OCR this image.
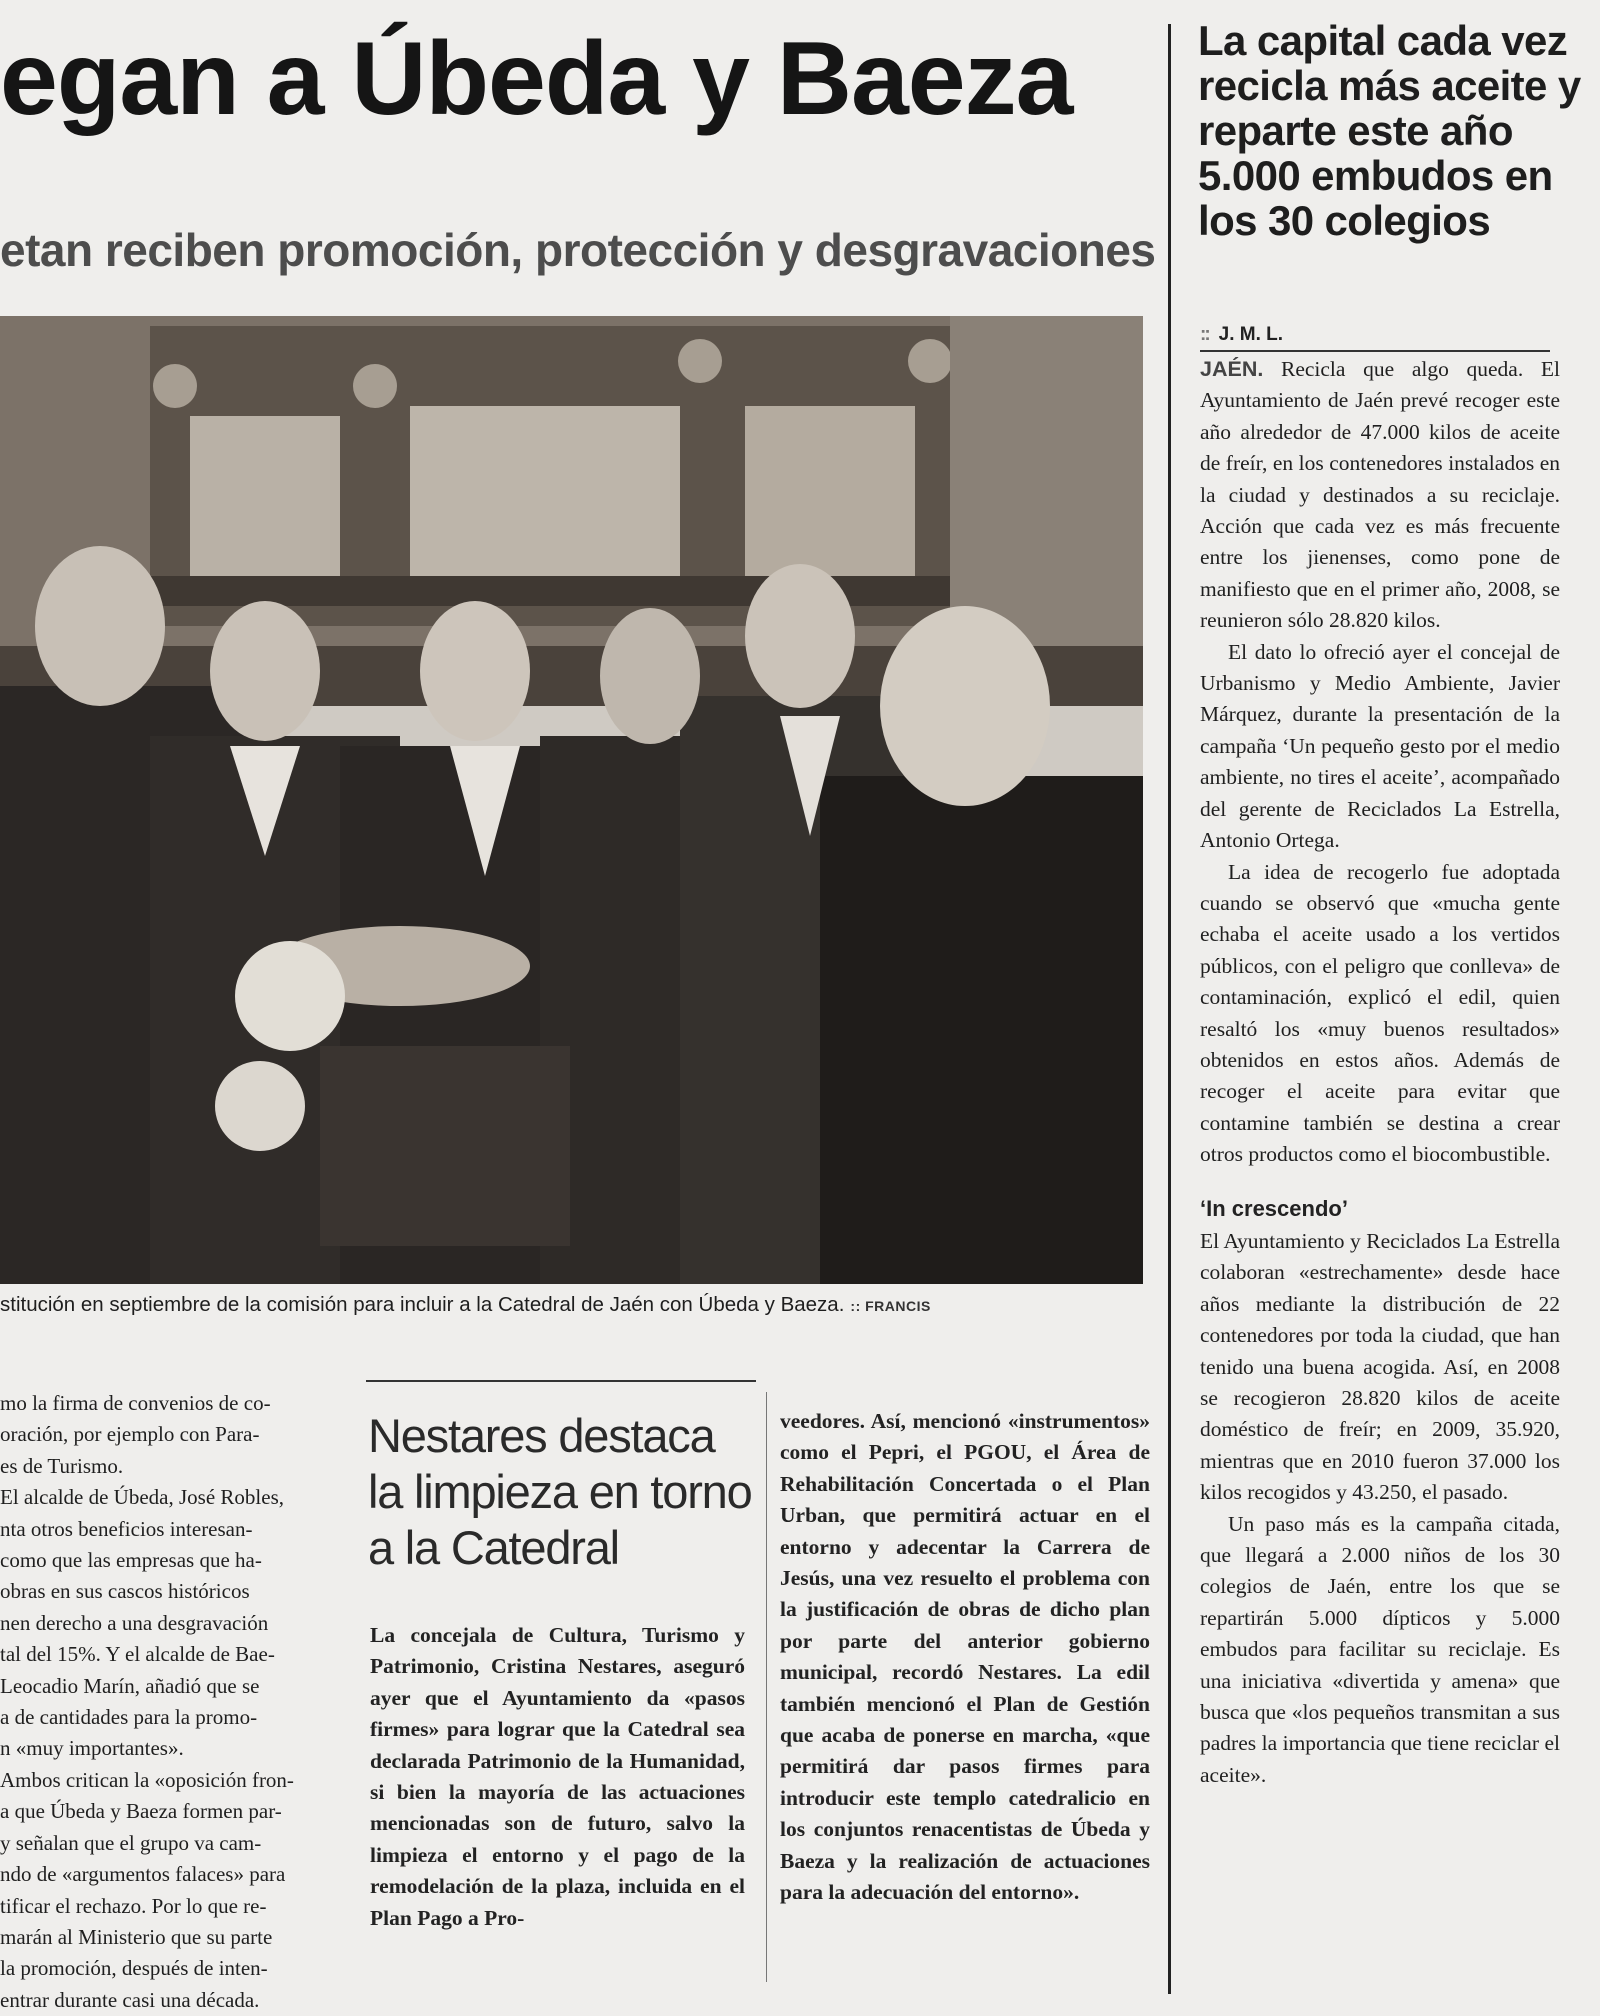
egan a Úbeda y Baeza
etan reciben promoción, protección y desgravaciones
stitución en septiembre de la comisión para incluir a la Catedral de Jaén con Úbeda y Baeza. :: FRANCIS

mo la firma de convenios de co-

oración, por ejemplo con Para-

es de Turismo.

El alcalde de Úbeda, José Robles,

nta otros beneficios interesan-

como que las empresas que ha-

obras en sus cascos históricos

nen derecho a una desgravación

tal del 15%. Y el alcalde de Bae-

Leocadio Marín, añadió que se

a de cantidades para la promo-

n «muy importantes».

Ambos critican la «oposición fron-

a que Úbeda y Baeza formen par-

y señalan que el grupo va cam-

ndo de «argumentos falaces» para

tificar el rechazo. Por lo que re-

marán al Ministerio que su parte

la promoción, después de inten-

entrar durante casi una década.

Nestares destaca la limpieza en torno a la Catedral

La concejala de Cultura, Turismo y Patrimonio, Cristina Nestares, aseguró ayer que el Ayuntamiento da «pasos firmes» para lograr que la Catedral sea declarada Patrimonio de la Humanidad, si bien la mayoría de las actuaciones mencionadas son de futuro, salvo la limpieza el entorno y el pago de la remodelación de la plaza, incluida en el Plan Pago a Pro-

veedores. Así, mencionó «instrumentos» como el Pepri, el PGOU, el Área de Rehabilitación Concertada o el Plan Urban, que permitirá actuar en el entorno y adecentar la Carrera de Jesús, una vez resuelto el problema con la justificación de obras de dicho plan por parte del anterior gobierno municipal, recordó Nestares. La edil también mencionó el Plan de Gestión que acaba de ponerse en marcha, «que permitirá dar pasos firmes para introducir este templo catedralicio en los conjuntos renacentistas de Úbeda y Baeza y la realización de actuaciones para la adecuación del entorno».

La capital cada vez recicla más aceite y reparte este año 5.000 embudos en los 30 colegios
:: J. M. L.

JAÉN. Recicla que algo queda. El Ayuntamiento de Jaén prevé recoger este año alrededor de 47.000 kilos de aceite de freír, en los contenedores instalados en la ciudad y destinados a su reciclaje. Acción que cada vez es más frecuente entre los jienenses, como pone de manifiesto que en el primer año, 2008, se reunieron sólo 28.820 kilos.

El dato lo ofreció ayer el concejal de Urbanismo y Medio Ambiente, Javier Márquez, durante la presentación de la campaña ‘Un pequeño gesto por el medio ambiente, no tires el aceite’, acompañado del gerente de Reciclados La Estrella, Antonio Ortega.

La idea de recogerlo fue adoptada cuando se observó que «mucha gente echaba el aceite usado a los vertidos públicos, con el peligro que conlleva» de contaminación, explicó el edil, quien resaltó los «muy buenos resultados» obtenidos en estos años. Además de recoger el aceite para evitar que contamine también se destina a crear otros productos como el biocombustible.

‘In crescendo’

El Ayuntamiento y Reciclados La Estrella colaboran «estrechamente» desde hace años mediante la distribución de 22 contenedores por toda la ciudad, que han tenido una buena acogida. Así, en 2008 se recogieron 28.820 kilos de aceite doméstico de freír; en 2009, 35.920, mientras que en 2010 fueron 37.000 los kilos recogidos y 43.250, el pasado.

Un paso más es la campaña citada, que llegará a 2.000 niños de los 30 colegios de Jaén, entre los que se repartirán 5.000 dípticos y 5.000 embudos para facilitar su reciclaje. Es una iniciativa «divertida y amena» que busca que «los pequeños transmitan a sus padres la importancia que tiene reciclar el aceite».
